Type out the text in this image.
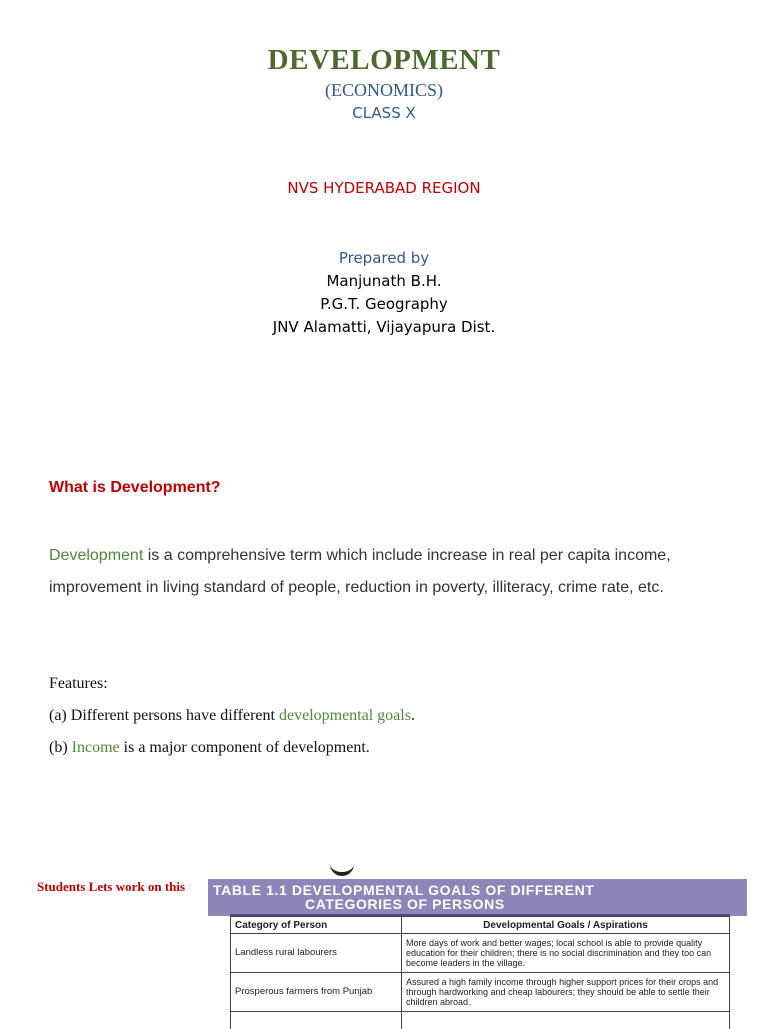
DEVELOPMENT
(ECONOMICS)
CLASS X
NVS HYDERABAD REGION
Prepared by
Manjunath B.H.
P.G.T. Geography
JNV Alamatti, Vijayapura Dist.
What is Development?
Development is a comprehensive term which include increase in real per capita income, improvement in living standard of people, reduction in poverty, illiteracy, crime rate, etc.
Features:
(a) Different persons have different developmental goals.
(b) Income is a major component of development.
Students Lets work on this TABLE 1.1 DEVELOPMENTAL GOALS OF DIFFERENT
CATEGORIES OF PERSONS
Category of Person	Developmental Goals / Aspirations
Landless rural labourers	More days of work and better wages; local school is able to provide quality education for their children; there is no social discrimination and they too can become leaders in the village.
Prosperous farmers from Punjab	Assured a high family income through higher support prices for their crops and through hardworking and cheap labourers; they should be able to settle their children abroad.
